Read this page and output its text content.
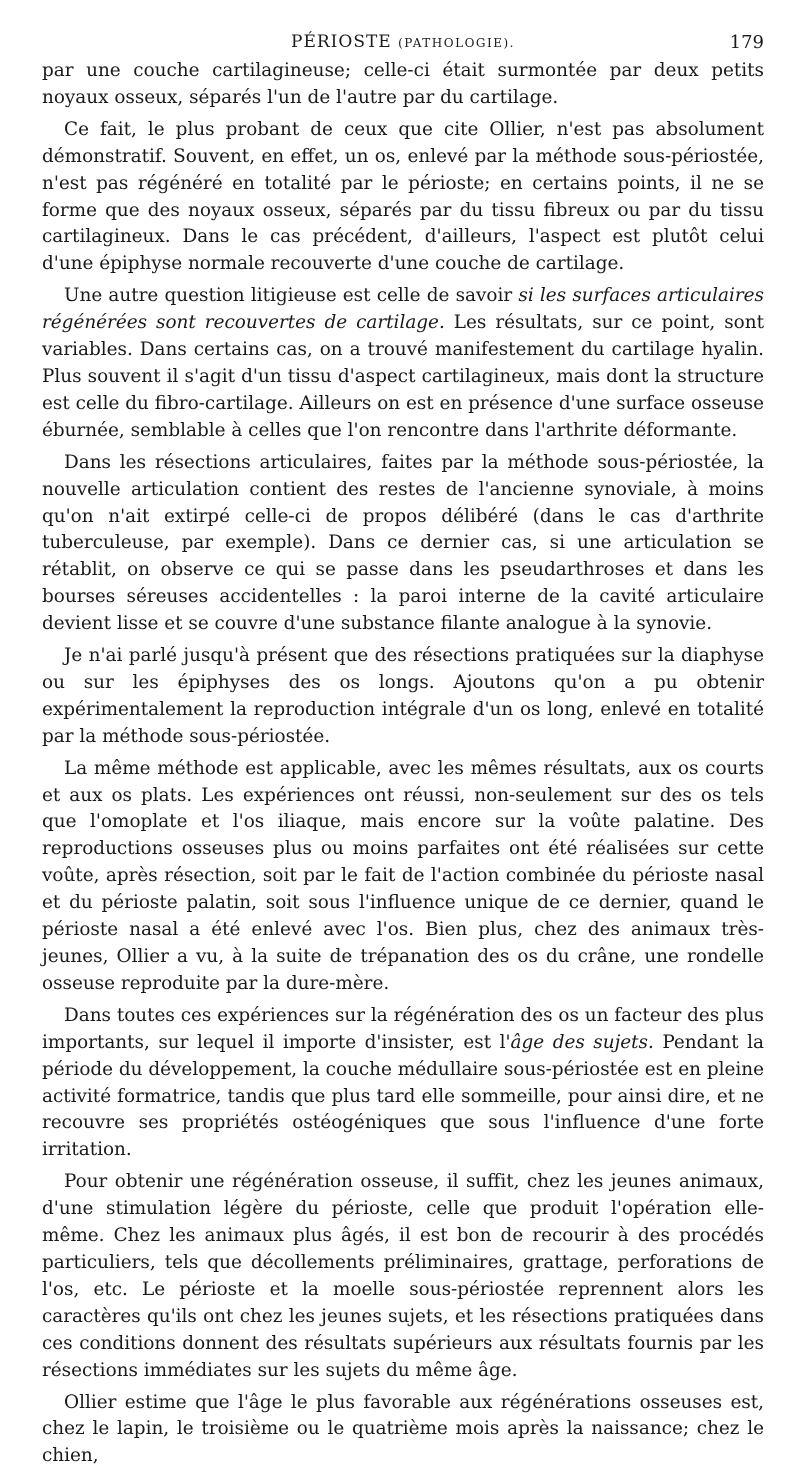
PÉRIOSTE (PATHOLOGIE).	179

par une couche cartilagineuse; celle-ci était surmontée par deux petits noyaux osseux, séparés l'un de l'autre par du cartilage.

Ce fait, le plus probant de ceux que cite Ollier, n'est pas absolument démonstratif. Souvent, en effet, un os, enlevé par la méthode sous-périostée, n'est pas régénéré en totalité par le périoste; en certains points, il ne se forme que des noyaux osseux, séparés par du tissu fibreux ou par du tissu cartilagineux. Dans le cas précédent, d'ailleurs, l'aspect est plutôt celui d'une épiphyse normale recouverte d'une couche de cartilage.

Une autre question litigieuse est celle de savoir si les surfaces articulaires régénérées sont recouvertes de cartilage. Les résultats, sur ce point, sont variables. Dans certains cas, on a trouvé manifestement du cartilage hyalin. Plus souvent il s'agit d'un tissu d'aspect cartilagineux, mais dont la structure est celle du fibro-cartilage. Ailleurs on est en présence d'une surface osseuse éburnée, semblable à celles que l'on rencontre dans l'arthrite déformante.

Dans les résections articulaires, faites par la méthode sous-périostée, la nouvelle articulation contient des restes de l'ancienne synoviale, à moins qu'on n'ait extirpé celle-ci de propos délibéré (dans le cas d'arthrite tuberculeuse, par exemple). Dans ce dernier cas, si une articulation se rétablit, on observe ce qui se passe dans les pseudarthroses et dans les bourses séreuses accidentelles : la paroi interne de la cavité articulaire devient lisse et se couvre d'une substance filante analogue à la synovie.

Je n'ai parlé jusqu'à présent que des résections pratiquées sur la diaphyse ou sur les épiphyses des os longs. Ajoutons qu'on a pu obtenir expérimentalement la reproduction intégrale d'un os long, enlevé en totalité par la méthode sous-périostée.

La même méthode est applicable, avec les mêmes résultats, aux os courts et aux os plats. Les expériences ont réussi, non-seulement sur des os tels que l'omoplate et l'os iliaque, mais encore sur la voûte palatine. Des reproductions osseuses plus ou moins parfaites ont été réalisées sur cette voûte, après résection, soit par le fait de l'action combinée du périoste nasal et du périoste palatin, soit sous l'influence unique de ce dernier, quand le périoste nasal a été enlevé avec l'os. Bien plus, chez des animaux très-jeunes, Ollier a vu, à la suite de trépanation des os du crâne, une rondelle osseuse reproduite par la dure-mère.

Dans toutes ces expériences sur la régénération des os un facteur des plus importants, sur lequel il importe d'insister, est l'âge des sujets. Pendant la période du développement, la couche médullaire sous-périostée est en pleine activité formatrice, tandis que plus tard elle sommeille, pour ainsi dire, et ne recouvre ses propriétés ostéogéniques que sous l'influence d'une forte irritation.

Pour obtenir une régénération osseuse, il suffit, chez les jeunes animaux, d'une stimulation légère du périoste, celle que produit l'opération elle-même. Chez les animaux plus âgés, il est bon de recourir à des procédés particuliers, tels que décollements préliminaires, grattage, perforations de l'os, etc. Le périoste et la moelle sous-périostée reprennent alors les caractères qu'ils ont chez les jeunes sujets, et les résections pratiquées dans ces conditions donnent des résultats supérieurs aux résultats fournis par les résections immédiates sur les sujets du même âge.

Ollier estime que l'âge le plus favorable aux régénérations osseuses est, chez le lapin, le troisième ou le quatrième mois après la naissance; chez le chien,
